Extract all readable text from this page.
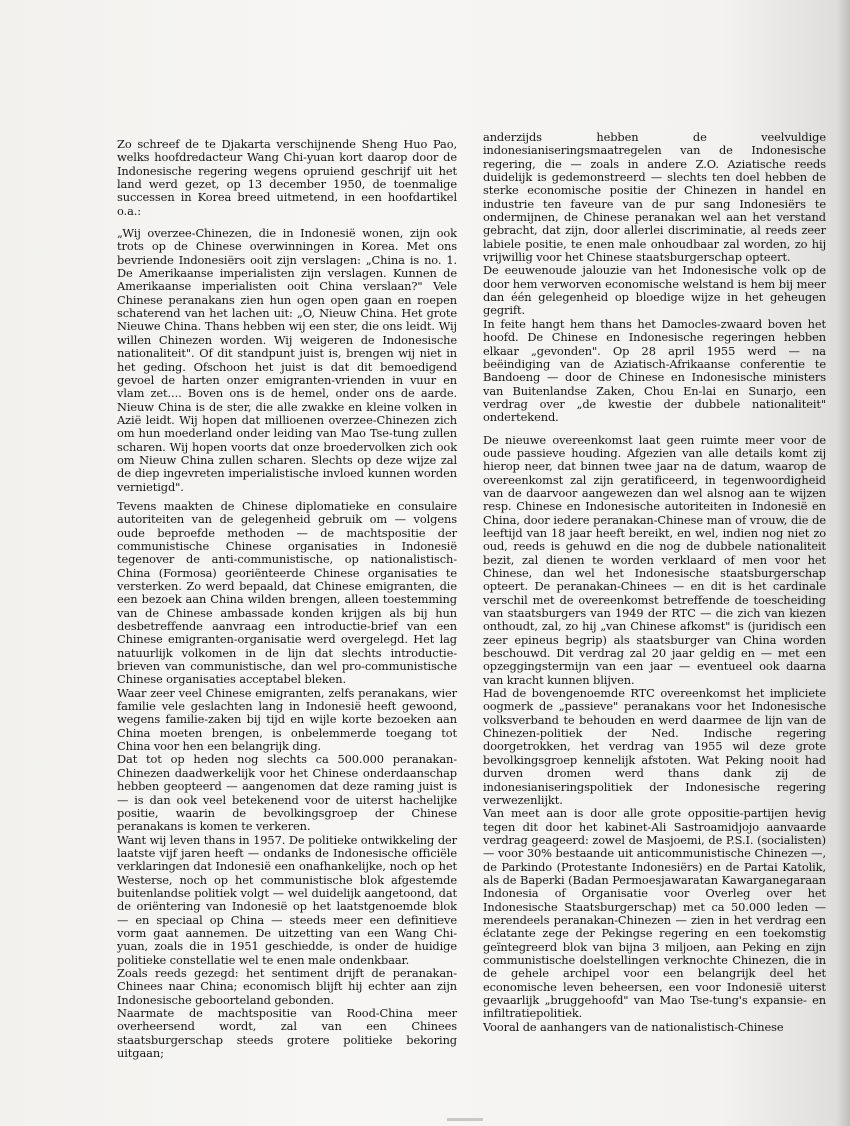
Zo schreef de te Djakarta verschijnende Sheng Huo Pao, welks hoofdredacteur Wang Chi-yuan kort daarop door de Indonesische regering wegens opruiend geschrijf uit het land werd gezet, op 13 december 1950, de toenmalige successen in Korea breed uitmetend, in een hoofdartikel o.a.:

„Wij overzee-Chinezen, die in Indonesië wonen, zijn ook trots op de Chinese overwinningen in Korea. Met ons bevriende Indonesiërs ooit zijn verslagen: „China is no. 1. De Amerikaanse imperialisten zijn verslagen. Kunnen de Amerikaanse imperialisten ooit China verslaan?" Vele Chinese peranakans zien hun ogen open gaan en roepen schaterend van het lachen uit: „O, Nieuw China. Het grote Nieuwe China. Thans hebben wij een ster, die ons leidt. Wij willen Chinezen worden. Wij weigeren de Indonesische nationaliteit". Of dit standpunt juist is, brengen wij niet in het geding. Ofschoon het juist is dat dit bemoedigend gevoel de harten onzer emigranten-vrienden in vuur en vlam zet.... Boven ons is de hemel, onder ons de aarde. Nieuw China is de ster, die alle zwakke en kleine volken in Azië leidt. Wij hopen dat millioenen overzee-Chinezen zich om hun moederland onder leiding van Mao Tse-tung zullen scharen. Wij hopen voorts dat onze broedervolken zich ook om Nieuw China zullen scharen. Slechts op deze wijze zal de diep ingevreten imperialistische invloed kunnen worden vernietigd".

Tevens maakten de Chinese diplomatieke en consulaire autoriteiten van de gelegenheid gebruik om — volgens oude beproefde methoden — de machtspositie der communistische Chinese organisaties in Indonesië tegenover de anti-communistische, op nationalistisch-China (Formosa) georiënteerde Chinese organisaties te versterken. Zo werd bepaald, dat Chinese emigranten, die een bezoek aan China wilden brengen, alleen toestemming van de Chinese ambassade konden krijgen als bij hun desbetreffende aanvraag een introductie-brief van een Chinese emigranten-organisatie werd overgelegd. Het lag natuurlijk volkomen in de lijn dat slechts introductie-brieven van communistische, dan wel pro-communistische Chinese organisaties acceptabel bleken.

Waar zeer veel Chinese emigranten, zelfs peranakans, wier familie vele geslachten lang in Indonesië heeft gewoond, wegens familie-zaken bij tijd en wijle korte bezoeken aan China moeten brengen, is onbelemmerde toegang tot China voor hen een belangrijk ding.

Dat tot op heden nog slechts ca 500.000 peranakan-Chinezen daadwerkelijk voor het Chinese onderdaanschap hebben geopteerd — aangenomen dat deze raming juist is — is dan ook veel betekenend voor de uiterst hachelijke positie, waarin de bevolkingsgroep der Chinese peranakans is komen te verkeren.

Want wij leven thans in 1957. De politieke ontwikkeling der laatste vijf jaren heeft — ondanks de Indonesische officiële verklaringen dat Indonesië een onafhankelijke, noch op het Westerse, noch op het communistische blok afgestemde buitenlandse politiek volgt — wel duidelijk aangetoond, dat de oriëntering van Indonesië op het laatstgenoemde blok — en speciaal op China — steeds meer een definitieve vorm gaat aannemen. De uitzetting van een Wang Chi-yuan, zoals die in 1951 geschiedde, is onder de huidige politieke constellatie wel te enen male ondenkbaar.

Zoals reeds gezegd: het sentiment drijft de peranakan-Chinees naar China; economisch blijft hij echter aan zijn Indonesische geboorteland gebonden.

Naarmate de machtspositie van Rood-China meer overheersend wordt, zal van een Chinees staatsburgerschap steeds grotere politieke bekoring uitgaan;

anderzijds hebben de veelvuldige indonesianiseringsmaatregelen van de Indonesische regering, die — zoals in andere Z.O. Aziatische reeds duidelijk is gedemonstreerd — slechts ten doel hebben de sterke economische positie der Chinezen in handel en industrie ten faveure van de pur sang Indonesiërs te ondermijnen, de Chinese peranakan wel aan het verstand gebracht, dat zijn, door allerlei discriminatie, al reeds zeer labiele positie, te enen male onhoudbaar zal worden, zo hij vrijwillig voor het Chinese staatsburgerschap opteert.

De eeuwenoude jalouzie van het Indonesische volk op de door hem verworven economische welstand is hem bij meer dan één gelegenheid op bloedige wijze in het geheugen gegrift.

In feite hangt hem thans het Damocles-zwaard boven het hoofd. De Chinese en Indonesische regeringen hebben elkaar „gevonden". Op 28 april 1955 werd — na beëindiging van de Aziatisch-Afrikaanse conferentie te Bandoeng — door de Chinese en Indonesische ministers van Buitenlandse Zaken, Chou En-lai en Sunarjo, een verdrag over „de kwestie der dubbele nationaliteit" ondertekend.

De nieuwe overeenkomst laat geen ruimte meer voor de oude passieve houding. Afgezien van alle details komt zij hierop neer, dat binnen twee jaar na de datum, waarop de overeenkomst zal zijn geratificeerd, in tegenwoordigheid van de daarvoor aangewezen dan wel alsnog aan te wijzen resp. Chinese en Indonesische autoriteiten in Indonesië en China, door iedere peranakan-Chinese man of vrouw, die de leeftijd van 18 jaar heeft bereikt, en wel, indien nog niet zo oud, reeds is gehuwd en die nog de dubbele nationaliteit bezit, zal dienen te worden verklaard of men voor het Chinese, dan wel het Indonesische staatsburgerschap opteert. De peranakan-Chinees — en dit is het cardinale verschil met de overeenkomst betreffende de toescheiding van staatsburgers van 1949 der RTC — die zich van kiezen onthoudt, zal, zo hij „van Chinese afkomst" is (juridisch een zeer epineus begrip) als staatsburger van China worden beschouwd. Dit verdrag zal 20 jaar geldig en — met een opzeggingstermijn van een jaar — eventueel ook daarna van kracht kunnen blijven.

Had de bovengenoemde RTC overeenkomst het impliciete oogmerk de „passieve" peranakans voor het Indonesische volksverband te behouden en werd daarmee de lijn van de Chinezen-politiek der Ned. Indische regering doorgetrokken, het verdrag van 1955 wil deze grote bevolkingsgroep kennelijk afstoten. Wat Peking nooit had durven dromen werd thans dank zij de indonesianiseringspolitiek der Indonesische regering verwezenlijkt.

Van meet aan is door alle grote oppositie-partijen hevig tegen dit door het kabinet-Ali Sastroamidjojo aanvaarde verdrag geageerd: zowel de Masjoemi, de P.S.I. (socialisten) — voor 30% bestaande uit anticommunistische Chinezen —, de Parkindo (Protestante Indonesiërs) en de Partai Katolik, als de Baperki (Badan Permoesjawaratan Kawarganegaraan Indonesia of Organisatie voor Overleg over het Indonesische Staatsburgerschap) met ca 50.000 leden — merendeels peranakan-Chinezen — zien in het verdrag een éclatante zege der Pekingse regering en een toekomstig geïntegreerd blok van bijna 3 miljoen, aan Peking en zijn communistische doelstellingen verknochte Chinezen, die in de gehele archipel voor een belangrijk deel het economische leven beheersen, een voor Indonesië uiterst gevaarlijk „bruggehoofd" van Mao Tse-tung's expansie- en infiltratiepolitiek.

Vooral de aanhangers van de nationalistisch-Chinese
